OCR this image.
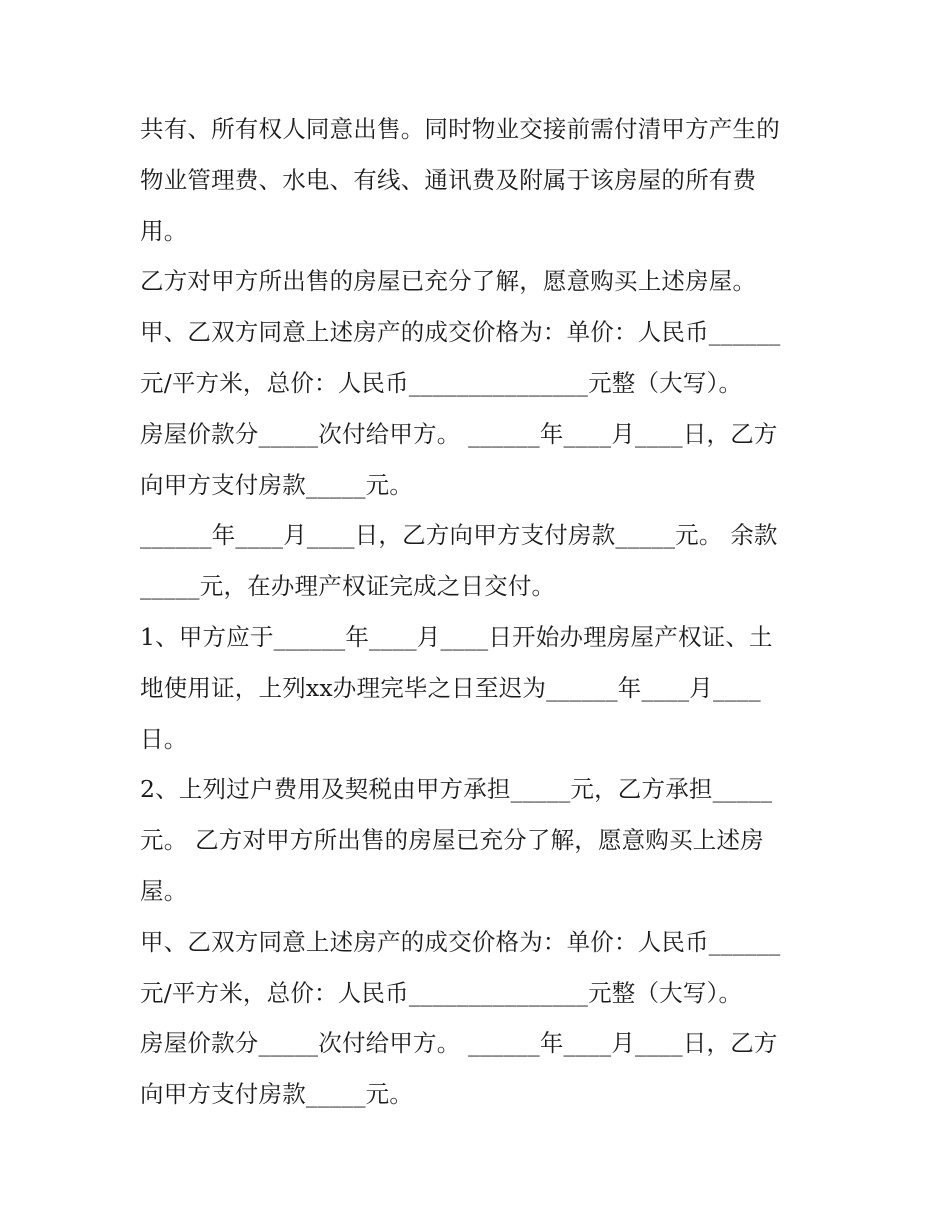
共有、所有权人同意出售。同时物业交接前需付清甲方产生的
物业管理费、水电、有线、通讯费及附属于该房屋的所有费
用。
乙方对甲方所出售的房屋已充分了解，愿意购买上述房屋。
甲、乙双方同意上述房产的成交价格为：单价：人民币______
元/平方米，总价：人民币_______________元整（大写）。
房屋价款分_____次付给甲方。 ______年____月____日，乙方
向甲方支付房款_____元。
______年____月____日，乙方向甲方支付房款_____元。 余款
_____元，在办理产权证完成之日交付。
1、甲方应于______年____月____日开始办理房屋产权证、土
地使用证，上列xx办理完毕之日至迟为______年____月____
日。
2、上列过户费用及契税由甲方承担_____元，乙方承担_____
元。 乙方对甲方所出售的房屋已充分了解，愿意购买上述房
屋。
甲、乙双方同意上述房产的成交价格为：单价：人民币______
元/平方米，总价：人民币_______________元整（大写）。
房屋价款分_____次付给甲方。 ______年____月____日，乙方
向甲方支付房款_____元。
